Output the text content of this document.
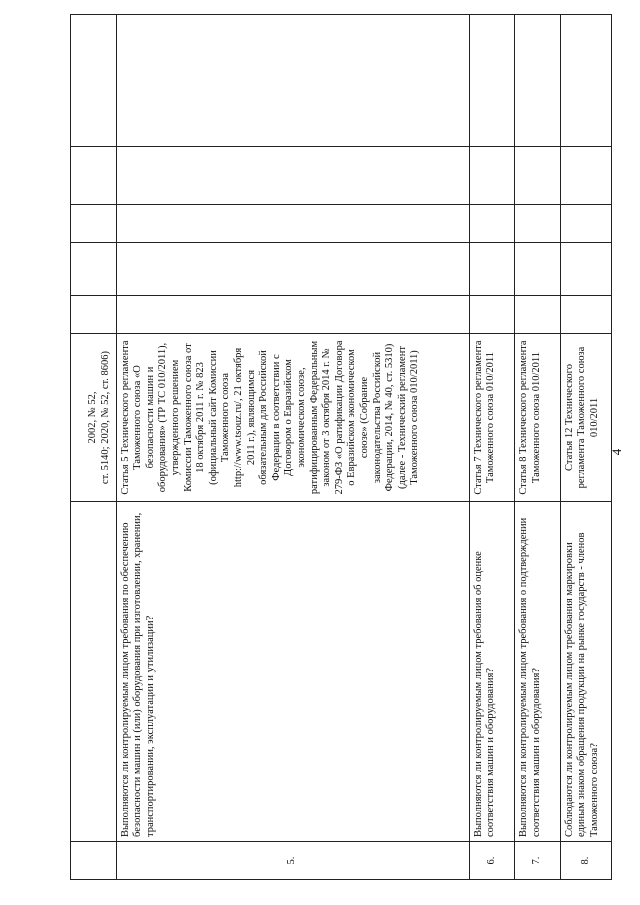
4
		2002, № 52,
ст. 5140; 2020, № 52, ст. 8606)					
5.	Выполняются ли контролируемым лицом требования по обеспечению безопасности машин и (или) оборудования при изготовлении, хранении, транспортировании, эксплуатации и утилизации?	Статья 5 Технического регламента Таможенного союза «О безопасности машин и оборудования» (ТР ТС 010/2011), утвержденного решением Комиссии Таможенного союза от 18 октября 2011 г. № 823 (официальный сайт Комиссии Таможенного союза http://www.tsouz.ru/, 21 октября 2011 г.), являющимся обязательным для Российской Федерации в соответствии с Договором о Евразийском экономическом союзе, ратифицированным Федеральным законом от 3 октября 2014 г. № 279-ФЗ «О ратификации Договора о Евразийском экономическом союзе» (Собрание законодательства Российской Федерации, 2014, № 40, ст. 5310) (далее - Технический регламент Таможенного союза 010/2011)					
6.	Выполняются ли контролируемым лицом требования об оценке соответствия машин и оборудования?	Статья 7 Технического регламента Таможенного союза 010/2011					
7.	Выполняются ли контролируемым лицом требования о подтверждении соответствия машин и оборудования?	Статья 8 Технического регламента Таможенного союза 010/2011					
8.	Соблюдаются ли контролируемым лицом требования маркировки единым знаком обращения продукции на рынке государств - членов Таможенного союза?	Статья 12 Технического регламента Таможенного союза 010/2011					
